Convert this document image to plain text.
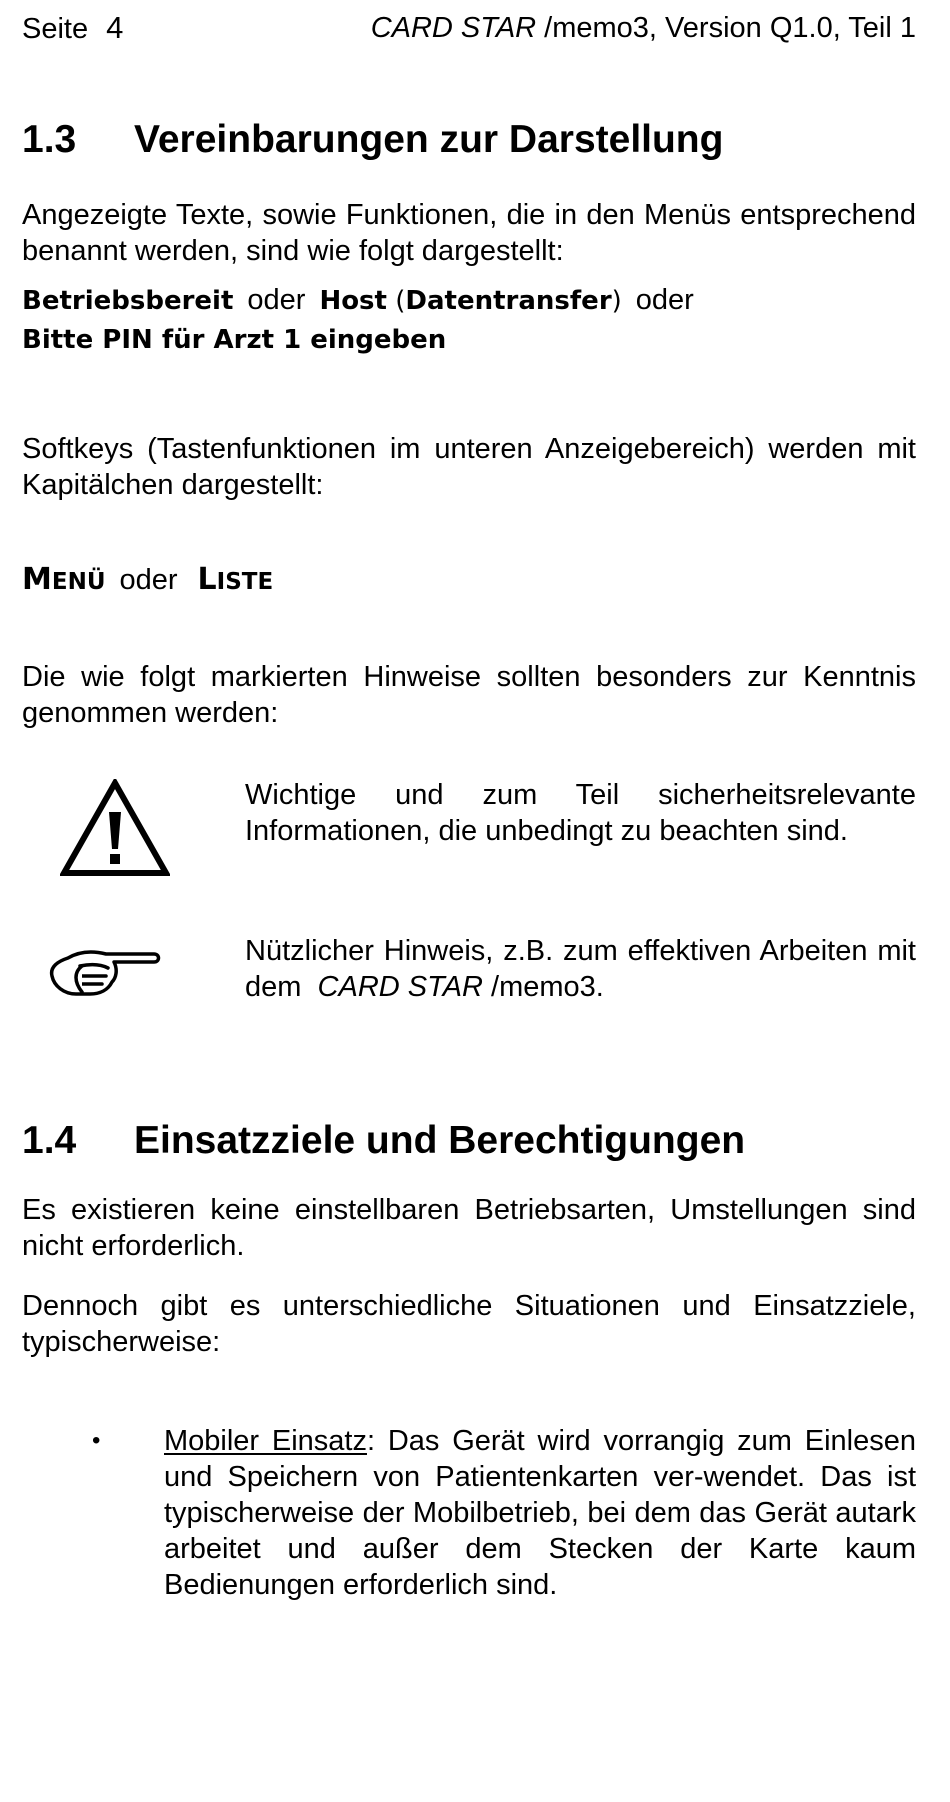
Seite 4	CARD STAR /memo3, Version Q1.0, Teil 1
1.3 Vereinbarungen zur Darstellung

Angezeigte Texte, sowie Funktionen, die in den Menüs entsprechend benannt werden, sind wie folgt dargestellt:

Betriebsbereit oder Host (Datentransfer) oder

Bitte PIN für Arzt 1 eingeben

Softkeys (Tastenfunktionen im unteren Anzeigebereich) werden mit Kapitälchen dargestellt:

MENÜ oder LISTE

Die wie folgt markierten Hinweise sollten besonders zur Kenntnis genommen werden:

Wichtige und zum Teil sicherheitsrelevante Informationen, die unbedingt zu beachten sind.

Nützlicher Hinweis, z.B. zum effektiven Arbeiten mit dem CARD STAR /memo3.

1.4 Einsatzziele und Berechtigungen

Es existieren keine einstellbaren Betriebsarten, Umstellungen sind nicht erforderlich.

Dennoch gibt es unterschiedliche Situationen und Einsatzziele, typischerweise:

• Mobiler Einsatz: Das Gerät wird vorrangig zum Einlesen und Speichern von Patientenkarten ver-wendet. Das ist typischerweise der Mobilbetrieb, bei dem das Gerät autark arbeitet und außer dem Stecken der Karte kaum Bedienungen erforderlich sind.
